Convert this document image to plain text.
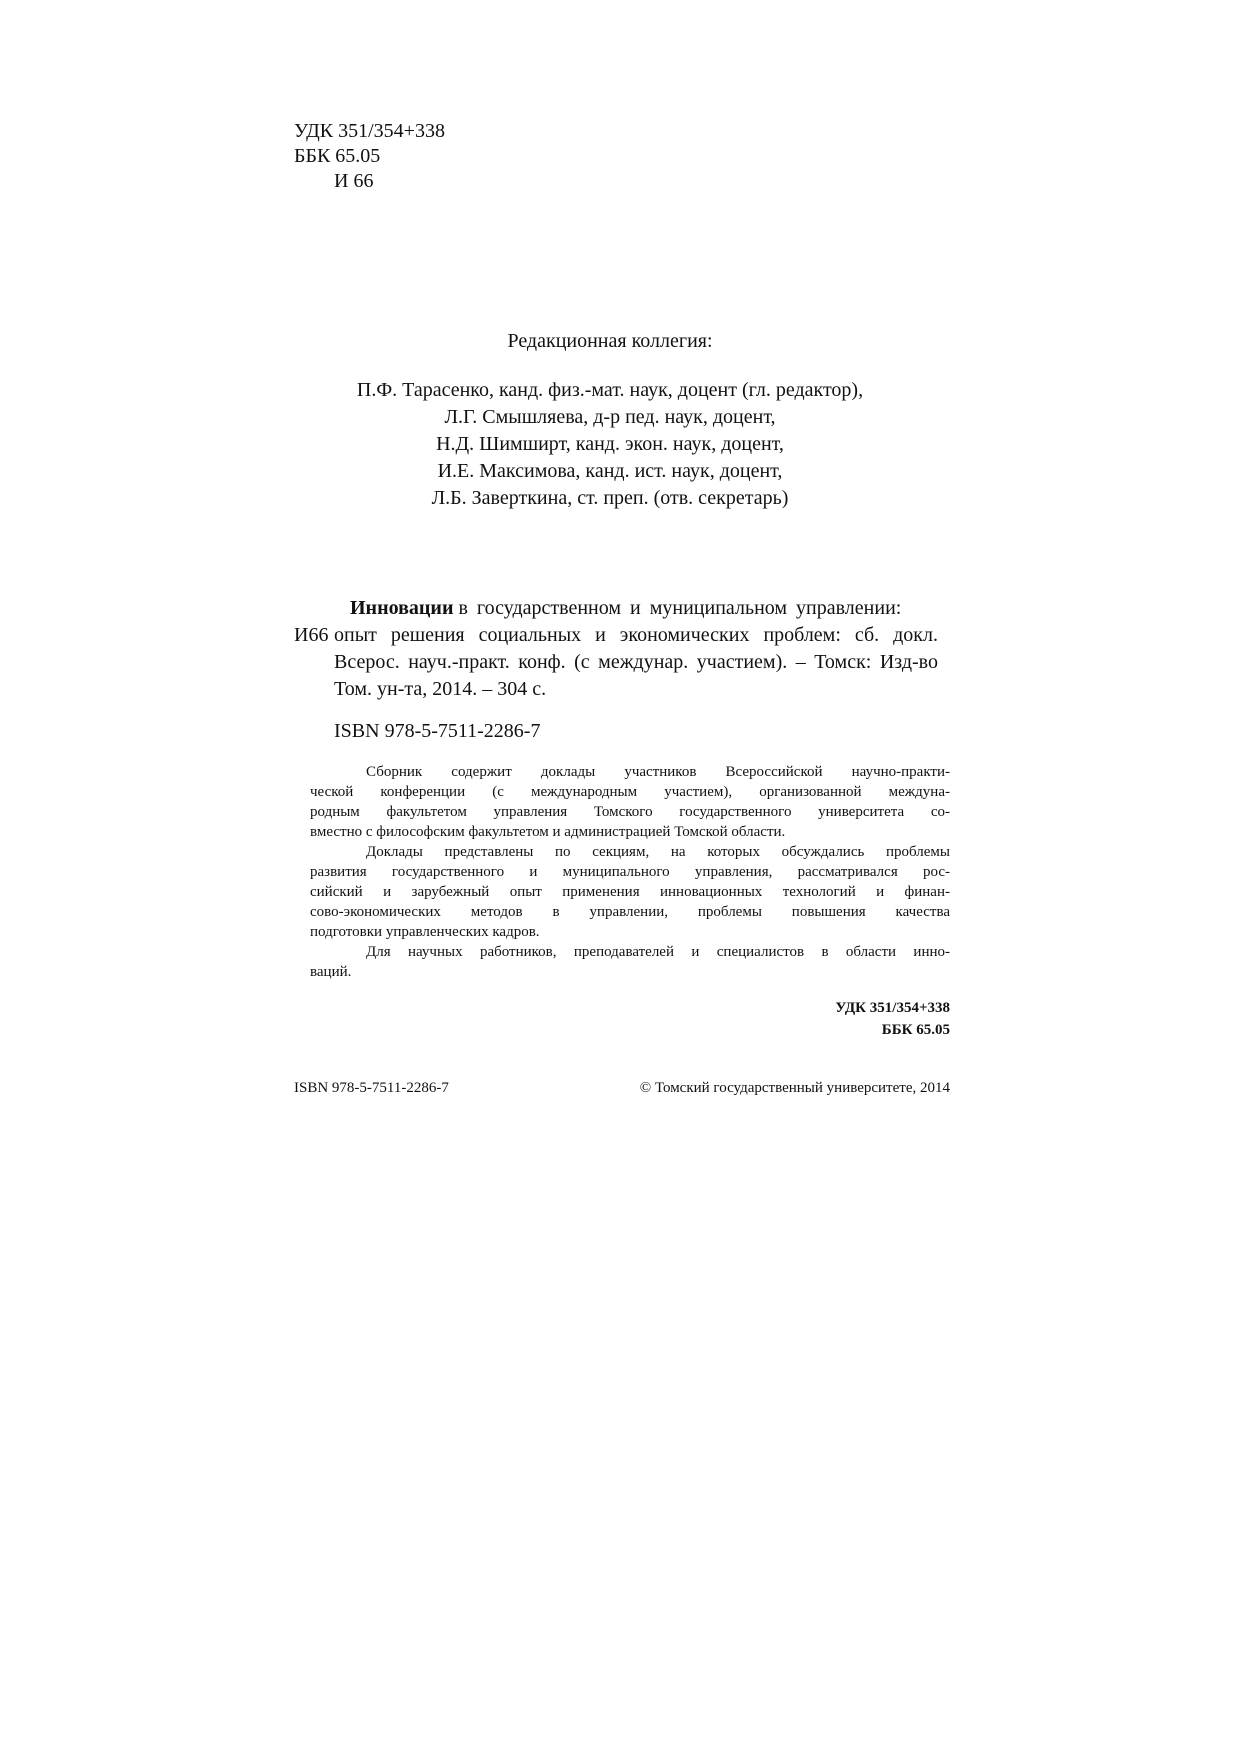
УДК 351/354+338
ББК 65.05
И 66
Редакционная коллегия:
П.Ф. Тарасенко, канд. физ.-мат. наук, доцент (гл. редактор),
Л.Г. Смышляева, д-р пед. наук, доцент,
Н.Д. Шимширт, канд. экон. наук, доцент,
И.Е. Максимова, канд. ист. наук, доцент,
Л.Б. Заверткина, ст. преп. (отв. секретарь)
Инновации в государственном и муниципальном управлении:
И66 опыт решения социальных и экономических проблем: сб. докл.
Всерос. науч.-практ. конф. (с междунар. участием). – Томск: Изд-во
Том. ун-та, 2014. – 304 с.
ISBN 978-5-7511-2286-7
Сборник содержит доклады участников Всероссийской научно-практи-
ческой конференции (с международным участием), организованной междуна-
родным факультетом управления Томского государственного университета со-
вместно с философским факультетом и администрацией Томской области.
Доклады представлены по секциям, на которых обсуждались проблемы
развития государственного и муниципального управления, рассматривался рос-
сийский и зарубежный опыт применения инновационных технологий и финан-
сово-экономических методов в управлении, проблемы повышения качества
подготовки управленческих кадров.
Для научных работников, преподавателей и специалистов в области инно-
ваций.
УДК 351/354+338
ББК 65.05
ISBN 978-5-7511-2286-7	© Томский государственный университете, 2014
